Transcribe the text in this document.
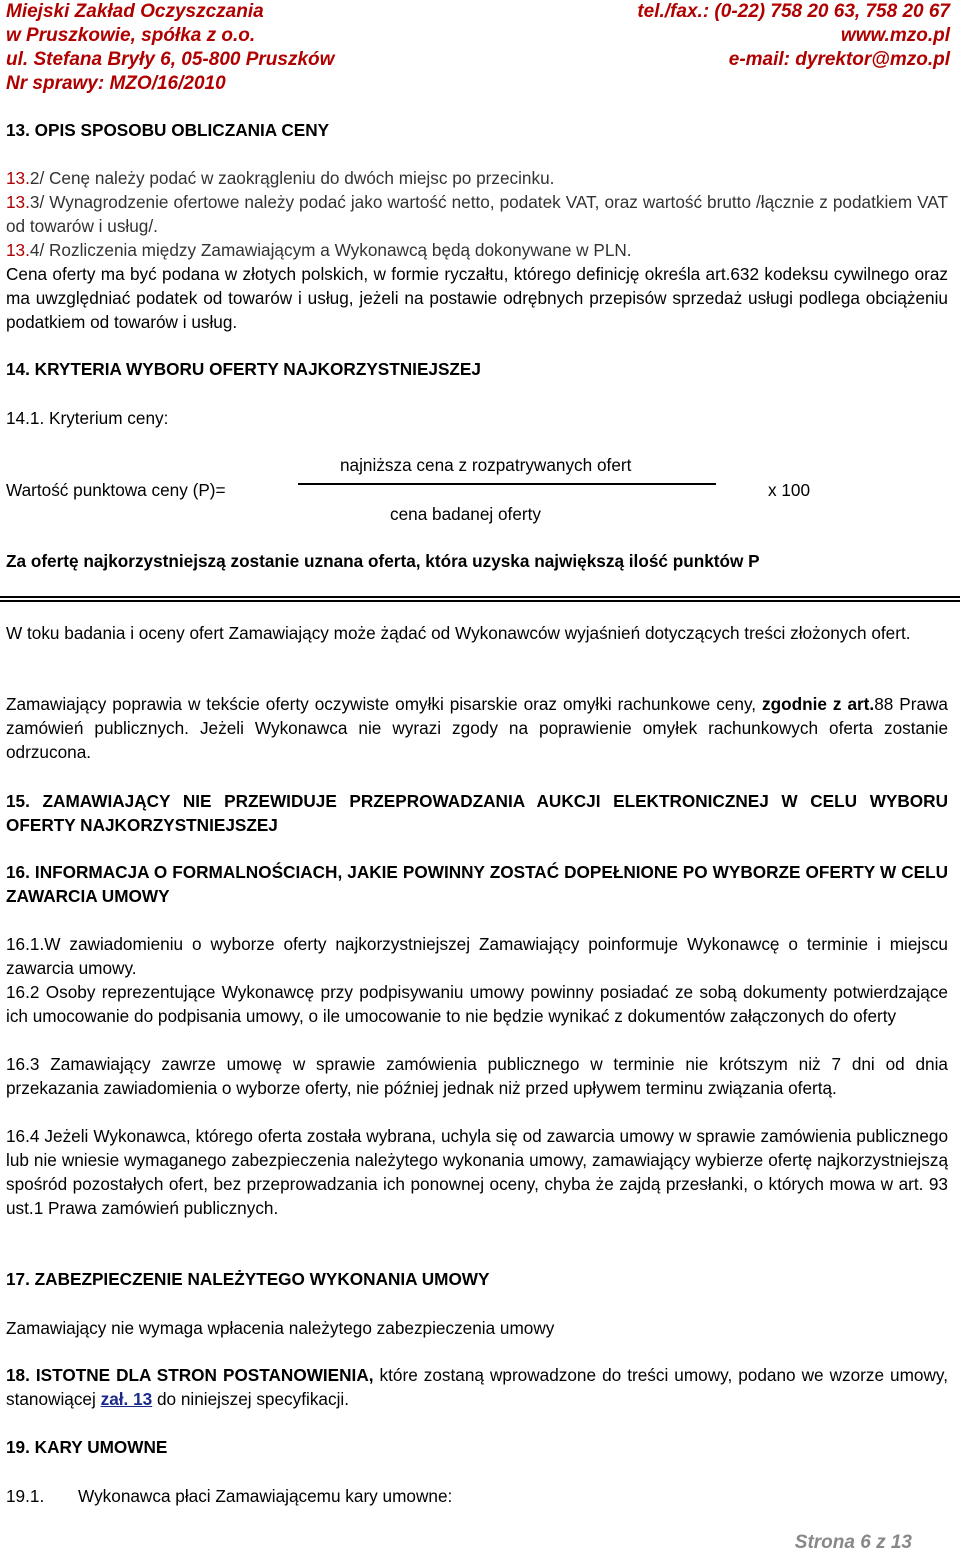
Miejski Zakład Oczyszczania	tel./fax.: (0-22) 758 20 63, 758 20 67
w Pruszkowie, spółka z o.o.	www.mzo.pl
ul. Stefana Bryły 6, 05-800 Pruszków	e-mail: dyrektor@mzo.pl
Nr sprawy: MZO/16/2010
13. OPIS SPOSOBU OBLICZANIA CENY
13.2/ Cenę należy podać w zaokrągleniu do dwóch miejsc po przecinku.
13.3/ Wynagrodzenie ofertowe należy podać jako wartość netto, podatek VAT, oraz wartość brutto /łącznie z podatkiem VAT od towarów i usług/.
13.4/ Rozliczenia między Zamawiającym a Wykonawcą będą dokonywane w PLN.
Cena oferty ma być podana w złotych polskich, w formie ryczałtu, którego definicję określa art.632 kodeksu cywilnego oraz ma uwzględniać podatek od towarów i usług, jeżeli na postawie odrębnych przepisów sprzedaż usługi podlega obciążeniu podatkiem od towarów i usług.
14. KRYTERIA WYBORU OFERTY NAJKORZYSTNIEJSZEJ
14.1. Kryterium ceny:
najniższa cena z rozpatrywanych ofert
Wartość punktowa ceny (P)=	x 100
cena badanej oferty
Za ofertę najkorzystniejszą zostanie uznana oferta, która uzyska największą ilość punktów P
W toku badania i oceny ofert Zamawiający może żądać od Wykonawców wyjaśnień dotyczących treści złożonych ofert.
Zamawiający poprawia w tekście oferty oczywiste omyłki pisarskie oraz omyłki rachunkowe ceny, zgodnie z art.88 Prawa zamówień publicznych. Jeżeli Wykonawca nie wyrazi zgody na poprawienie omyłek rachunkowych oferta zostanie odrzucona.
15. ZAMAWIAJĄCY NIE PRZEWIDUJE PRZEPROWADZANIA AUKCJI ELEKTRONICZNEJ W CELU WYBORU OFERTY NAJKORZYSTNIEJSZEJ
16. INFORMACJA O FORMALNOŚCIACH, JAKIE POWINNY ZOSTAĆ DOPEŁNIONE PO WYBORZE OFERTY W CELU ZAWARCIA UMOWY
16.1.W zawiadomieniu o wyborze oferty najkorzystniejszej Zamawiający poinformuje Wykonawcę o terminie i miejscu zawarcia umowy.
16.2 Osoby reprezentujące Wykonawcę przy podpisywaniu umowy powinny posiadać ze sobą dokumenty potwierdzające ich umocowanie do podpisania umowy, o ile umocowanie to nie będzie wynikać z dokumentów załączonych do oferty
16.3 Zamawiający zawrze umowę w sprawie zamówienia publicznego w terminie nie krótszym niż 7 dni od dnia przekazania zawiadomienia o wyborze oferty, nie później jednak niż przed upływem terminu związania ofertą.
16.4 Jeżeli Wykonawca, którego oferta została wybrana, uchyla się od zawarcia umowy w sprawie zamówienia publicznego lub nie wniesie wymaganego zabezpieczenia należytego wykonania umowy, zamawiający wybierze ofertę najkorzystniejszą spośród pozostałych ofert, bez przeprowadzania ich ponownej oceny, chyba że zajdą przesłanki, o których mowa w art. 93 ust.1 Prawa zamówień publicznych.
17. ZABEZPIECZENIE NALEŻYTEGO WYKONANIA UMOWY
Zamawiający nie wymaga wpłacenia należytego zabezpieczenia umowy
18. ISTOTNE DLA STRON POSTANOWIENIA, które zostaną wprowadzone do treści umowy, podano we wzorze umowy, stanowiącej zał. 13 do niniejszej specyfikacji.
19. KARY UMOWNE
19.1. Wykonawca płaci Zamawiającemu kary umowne:
Strona 6 z 13
